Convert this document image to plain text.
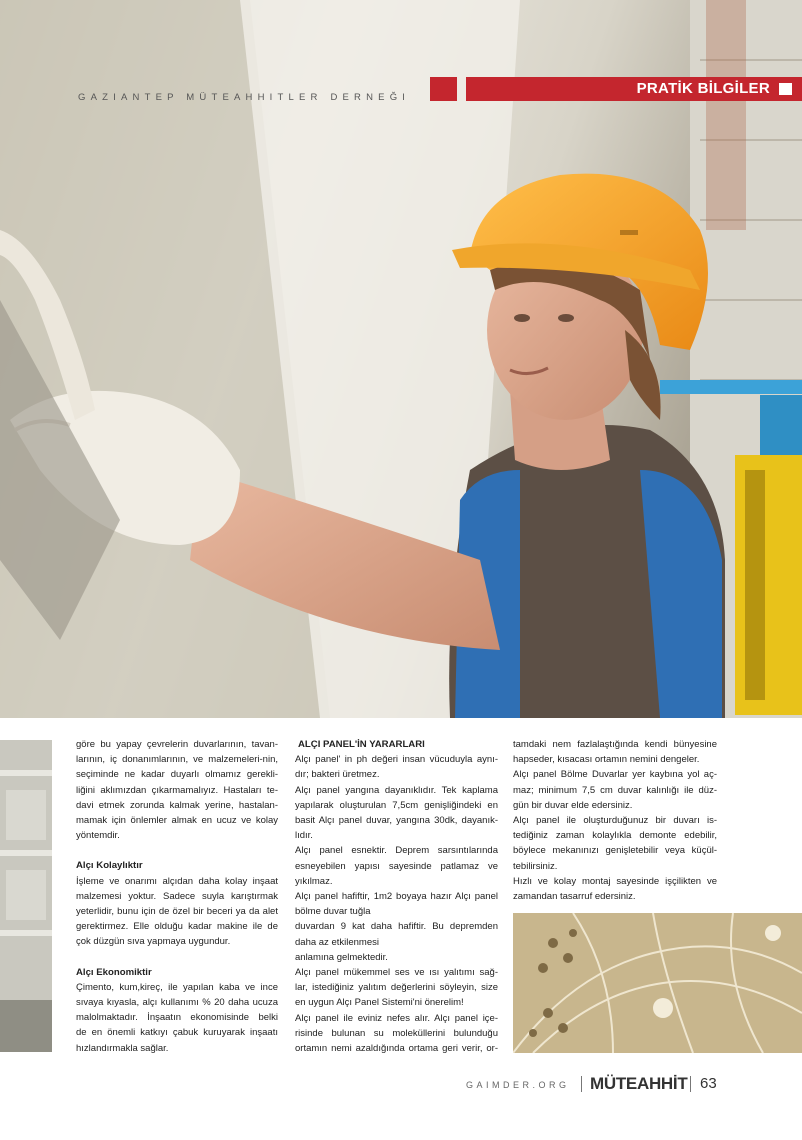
GAZIANTEP MÜTEAHHITLER DERNEĞI
PRATİK BİLGİLER
göre bu yapay çevrelerin duvarlarının, tavan-
larının, iç donanımlarının, ve malzemeleri-nin,
seçiminde ne kadar duyarlı olmamız gerekli-
liğini aklımızdan çıkarmamalıyız. Hastaları te-
davi etmek zorunda kalmak yerine, hastalan-
mamak için önlemler almak en ucuz ve kolay
yöntemdir.
Alçı Kolaylıktır
İşleme ve onarımı alçıdan daha kolay inşaat
malzemesi yoktur. Sadece suyla karıştırmak
yeterlidir, bunu için de özel bir beceri ya da alet
gerektirmez. Elle olduğu kadar makine ile de
çok düzgün sıva yapmaya uygundur.
Alçı Ekonomiktir
Çimento, kum,kireç, ile yapılan kaba ve ince
sıvaya kıyasla, alçı kullanımı % 20 daha ucuza
malolmaktadır. İnşaatın ekonomisinde belki
de en önemli katkıyı çabuk kuruyarak inşaatı
hızlandırmakla sağlar.
ALÇI PANEL'İN YARARLARI
Alçı panel' in ph değeri insan vücuduyla aynı-
dır; bakteri üretmez.
Alçı panel yangına dayanıklıdır. Tek kaplama
yapılarak oluşturulan 7,5cm genişliğindeki en
basit Alçı panel duvar, yangına 30dk, dayanık-
lıdır.
Alçı panel esnektir. Deprem sarsıntılarında
esneyebilen yapısı sayesinde patlamaz ve
yıkılmaz.
Alçı panel hafiftir, 1m2 boyaya hazır Alçı panel
bölme duvar tuğla
duvardan 9 kat daha hafiftir. Bu depremden
daha az etkilenmesi
anlamına gelmektedir.
Alçı panel mükemmel ses ve ısı yalıtımı sağ-
lar, istediğiniz yalıtım değerlerini söyleyin, size
en uygun Alçı Panel Sistemi'ni önerelim!
Alçı panel ile eviniz nefes alır. Alçı panel içe-
risinde bulunan su moleküllerini bulunduğu
ortamın nemi azaldığında ortama geri verir, or-
tamdaki nem fazlalaştığında kendi bünyesine
hapseder, kısacası ortamın nemini dengeler.
Alçı panel Bölme Duvarlar yer kaybına yol aç-
maz; minimum 7,5 cm duvar kalınlığı ile düz-
gün bir duvar elde edersiniz.
Alçı panel ile oluşturduğunuz bir duvarı is-
tediğiniz zaman kolaylıkla demonte edebilir,
böylece mekanınızı genişletebilir veya küçül-
tebilirsiniz.
Hızlı ve kolay montaj sayesinde işçilikten ve
zamandan tasarruf edersiniz.
GAIMDER.ORG MÜTEAHHİT 63
